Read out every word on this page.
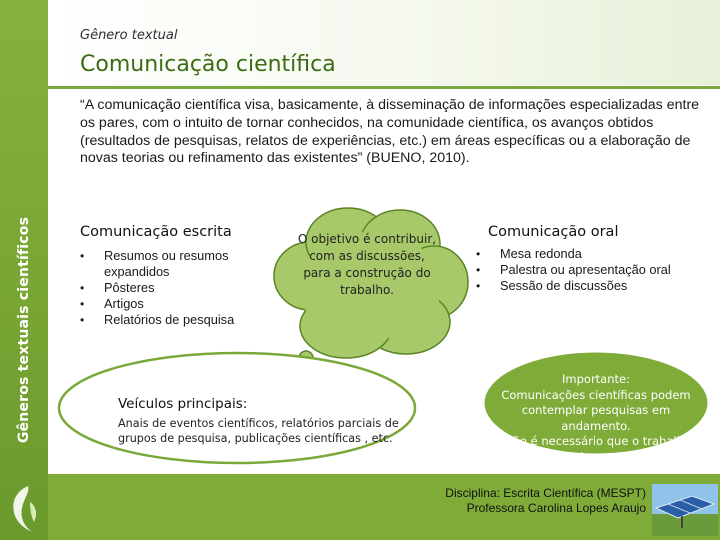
Gêneros textuais científicos
Gênero textual
Comunicação científica

“A comunicação científica visa, basicamente, à disseminação de informações especializadas entre os pares, com o intuito de tornar conhecidos, na comunidade científica, os avanços obtidos (resultados de pesquisas, relatos de experiências, etc.) em áreas específicas ou a elaboração de novas teorias ou refinamento das existentes” (BUENO, 2010).

Comunicação escrita
• Resumos ou resumos expandidos
• Pôsteres
• Artigos
• Relatórios de pesquisa
O objetivo é contribuir, com as discussões, para a construção do trabalho.
Comunicação oral
• Mesa redonda
• Palestra ou apresentação oral
• Sessão de discussões
Veículos principais:
Anais de eventos científicos, relatórios parciais de grupos de pesquisa, publicações científicas , etc.
Importante:
Comunicações científicas podem contemplar pesquisas em andamento.
(não é necessário que o trabalho esteja pronto)
Disciplina: Escrita Científica (MESPT)
Professora Carolina Lopes Araujo
